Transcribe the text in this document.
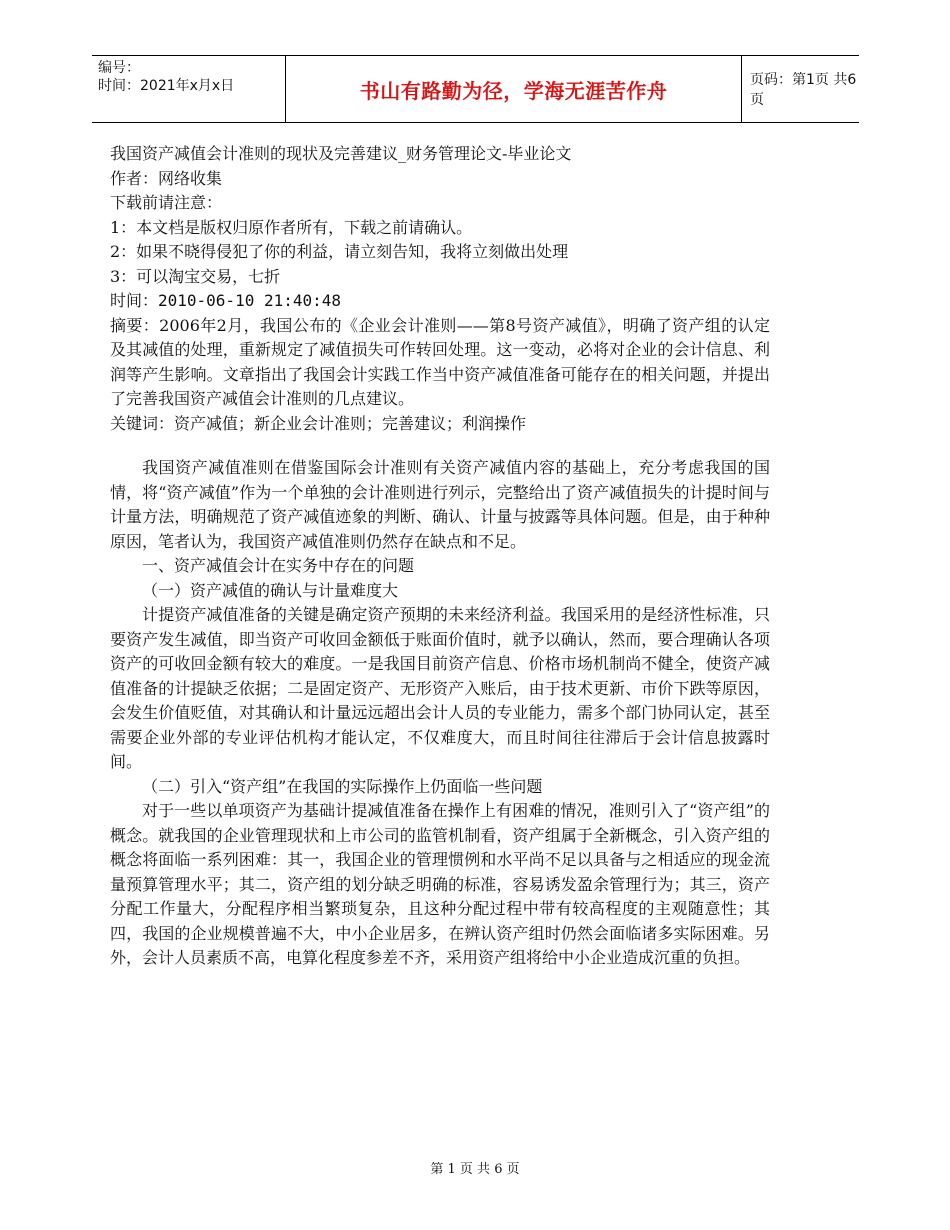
编号：
时间：2021年x月x日	书山有路勤为径，学海无涯苦作舟	页码：第1页 共6页
我国资产减值会计准则的现状及完善建议_财务管理论文-毕业论文
作者：网络收集
下载前请注意：
1：本文档是版权归原作者所有，下载之前请确认。
2：如果不晓得侵犯了你的利益，请立刻告知，我将立刻做出处理
3：可以淘宝交易，七折
时间：2010-06-10 21:40:48
摘要：2006年2月，我国公布的《企业会计准则——第8号资产减值》，明确了资产组的认定及其减值的处理，重新规定了减值损失可作转回处理。这一变动，必将对企业的会计信息、利润等产生影响。文章指出了我国会计实践工作当中资产减值准备可能存在的相关问题，并提出了完善我国资产减值会计准则的几点建议。
关键词：资产减值；新企业会计准则；完善建议；利润操作
我国资产减值准则在借鉴国际会计准则有关资产减值内容的基础上，充分考虑我国的国情，将“资产减值”作为一个单独的会计准则进行列示，完整给出了资产减值损失的计提时间与计量方法，明确规范了资产减值迹象的判断、确认、计量与披露等具体问题。但是，由于种种原因，笔者认为，我国资产减值准则仍然存在缺点和不足。
一、资产减值会计在实务中存在的问题
（一）资产减值的确认与计量难度大
计提资产减值准备的关键是确定资产预期的未来经济利益。我国采用的是经济性标准，只要资产发生减值，即当资产可收回金额低于账面价值时，就予以确认，然而，要合理确认各项资产的可收回金额有较大的难度。一是我国目前资产信息、价格市场机制尚不健全，使资产减值准备的计提缺乏依据；二是固定资产、无形资产入账后，由于技术更新、市价下跌等原因，会发生价值贬值，对其确认和计量远远超出会计人员的专业能力，需多个部门协同认定，甚至需要企业外部的专业评估机构才能认定，不仅难度大，而且时间往往滞后于会计信息披露时间。
（二）引入“资产组”在我国的实际操作上仍面临一些问题
对于一些以单项资产为基础计提减值准备在操作上有困难的情况，准则引入了“资产组”的概念。就我国的企业管理现状和上市公司的监管机制看，资产组属于全新概念，引入资产组的概念将面临一系列困难：其一，我国企业的管理惯例和水平尚不足以具备与之相适应的现金流量预算管理水平；其二，资产组的划分缺乏明确的标准，容易诱发盈余管理行为；其三，资产分配工作量大，分配程序相当繁琐复杂，且这种分配过程中带有较高程度的主观随意性；其四，我国的企业规模普遍不大，中小企业居多，在辨认资产组时仍然会面临诸多实际困难。另外，会计人员素质不高，电算化程度参差不齐，采用资产组将给中小企业造成沉重的负担。
第 1 页 共 6 页
